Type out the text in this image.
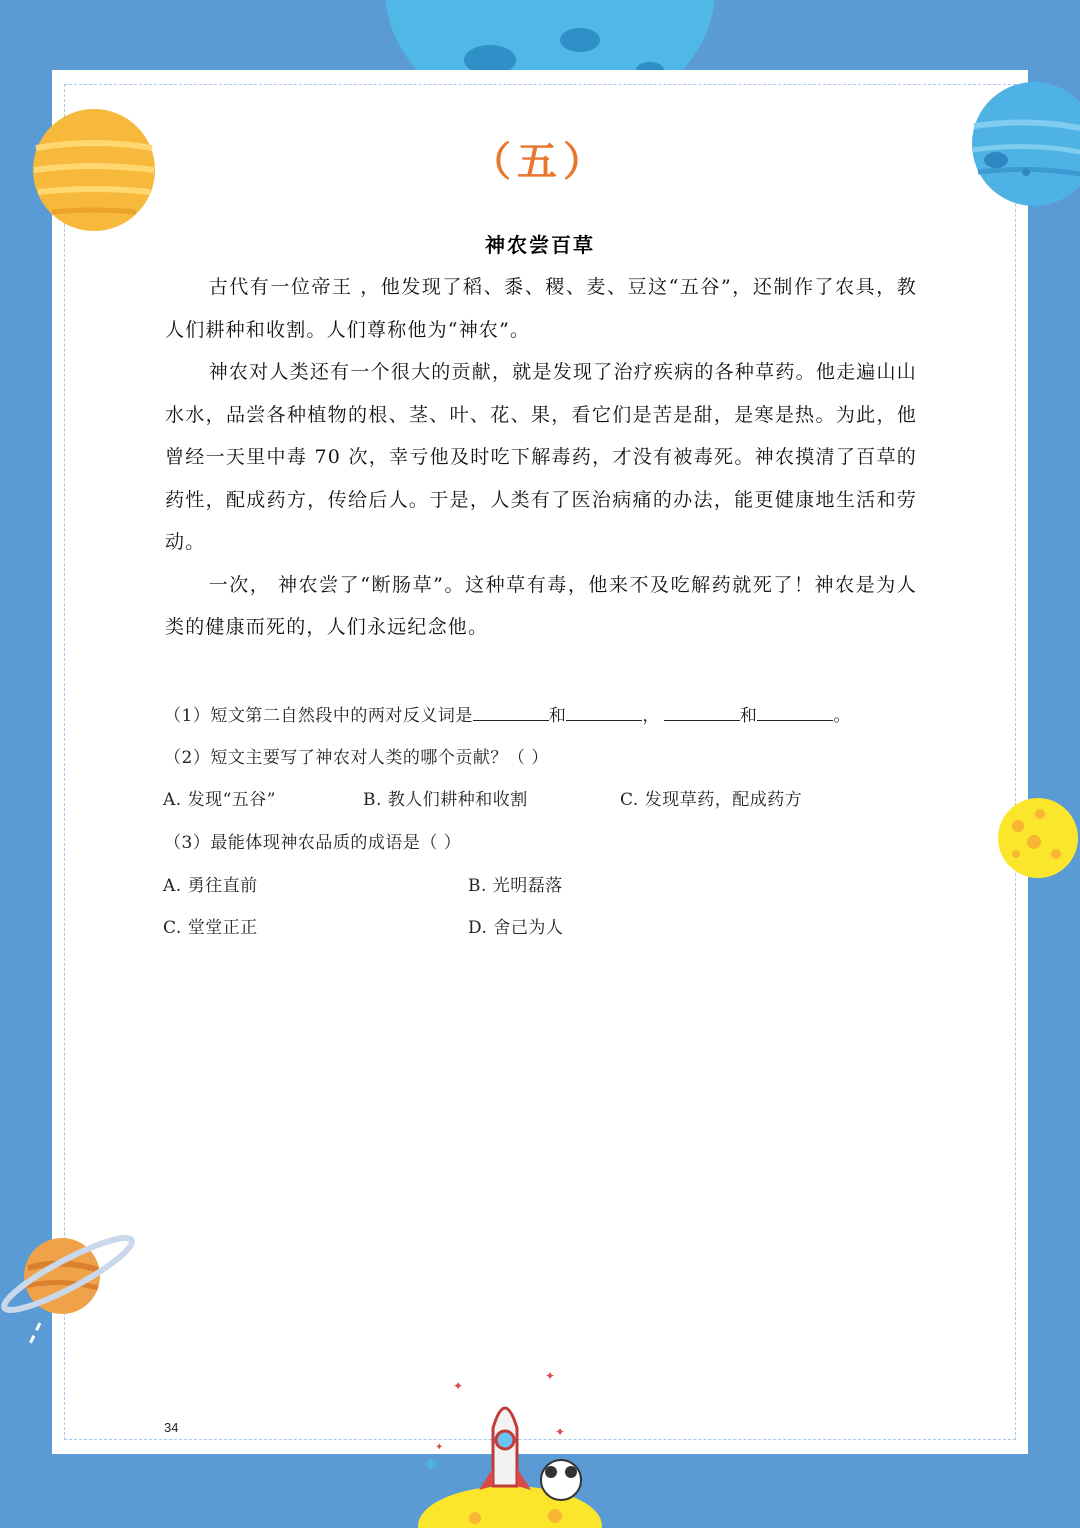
✦
✦
✦
✦
（五）
神农尝百草

古代有一位帝王 ，他发现了稻、黍、稷、麦、豆这“五谷”，还制作了农具，教人们耕种和收割。人们尊称他为“神农”。

神农对人类还有一个很大的贡献，就是发现了治疗疾病的各种草药。他走遍山山水水，品尝各种植物的根、茎、叶、花、果，看它们是苦是甜，是寒是热。为此，他曾经一天里中毒 70 次，幸亏他及时吃下解毒药，才没有被毒死。神农摸清了百草的药性，配成药方，传给后人。于是，人类有了医治病痛的办法，能更健康地生活和劳动。

一次， 神农尝了“断肠草”。这种草有毒，他来不及吃解药就死了！神农是为人类的健康而死的，人们永远纪念他。

（1）短文第二自然段中的两对反义词是	和	，	和	。
（2）短文主要写了神农对人类的哪个贡献？（ ）
A. 发现“五谷”	B. 教人们耕种和收割	C. 发现草药，配成药方
（3）最能体现神农品质的成语是（ ）
A. 勇往直前	B. 光明磊落
C. 堂堂正正	D. 舍己为人
34
